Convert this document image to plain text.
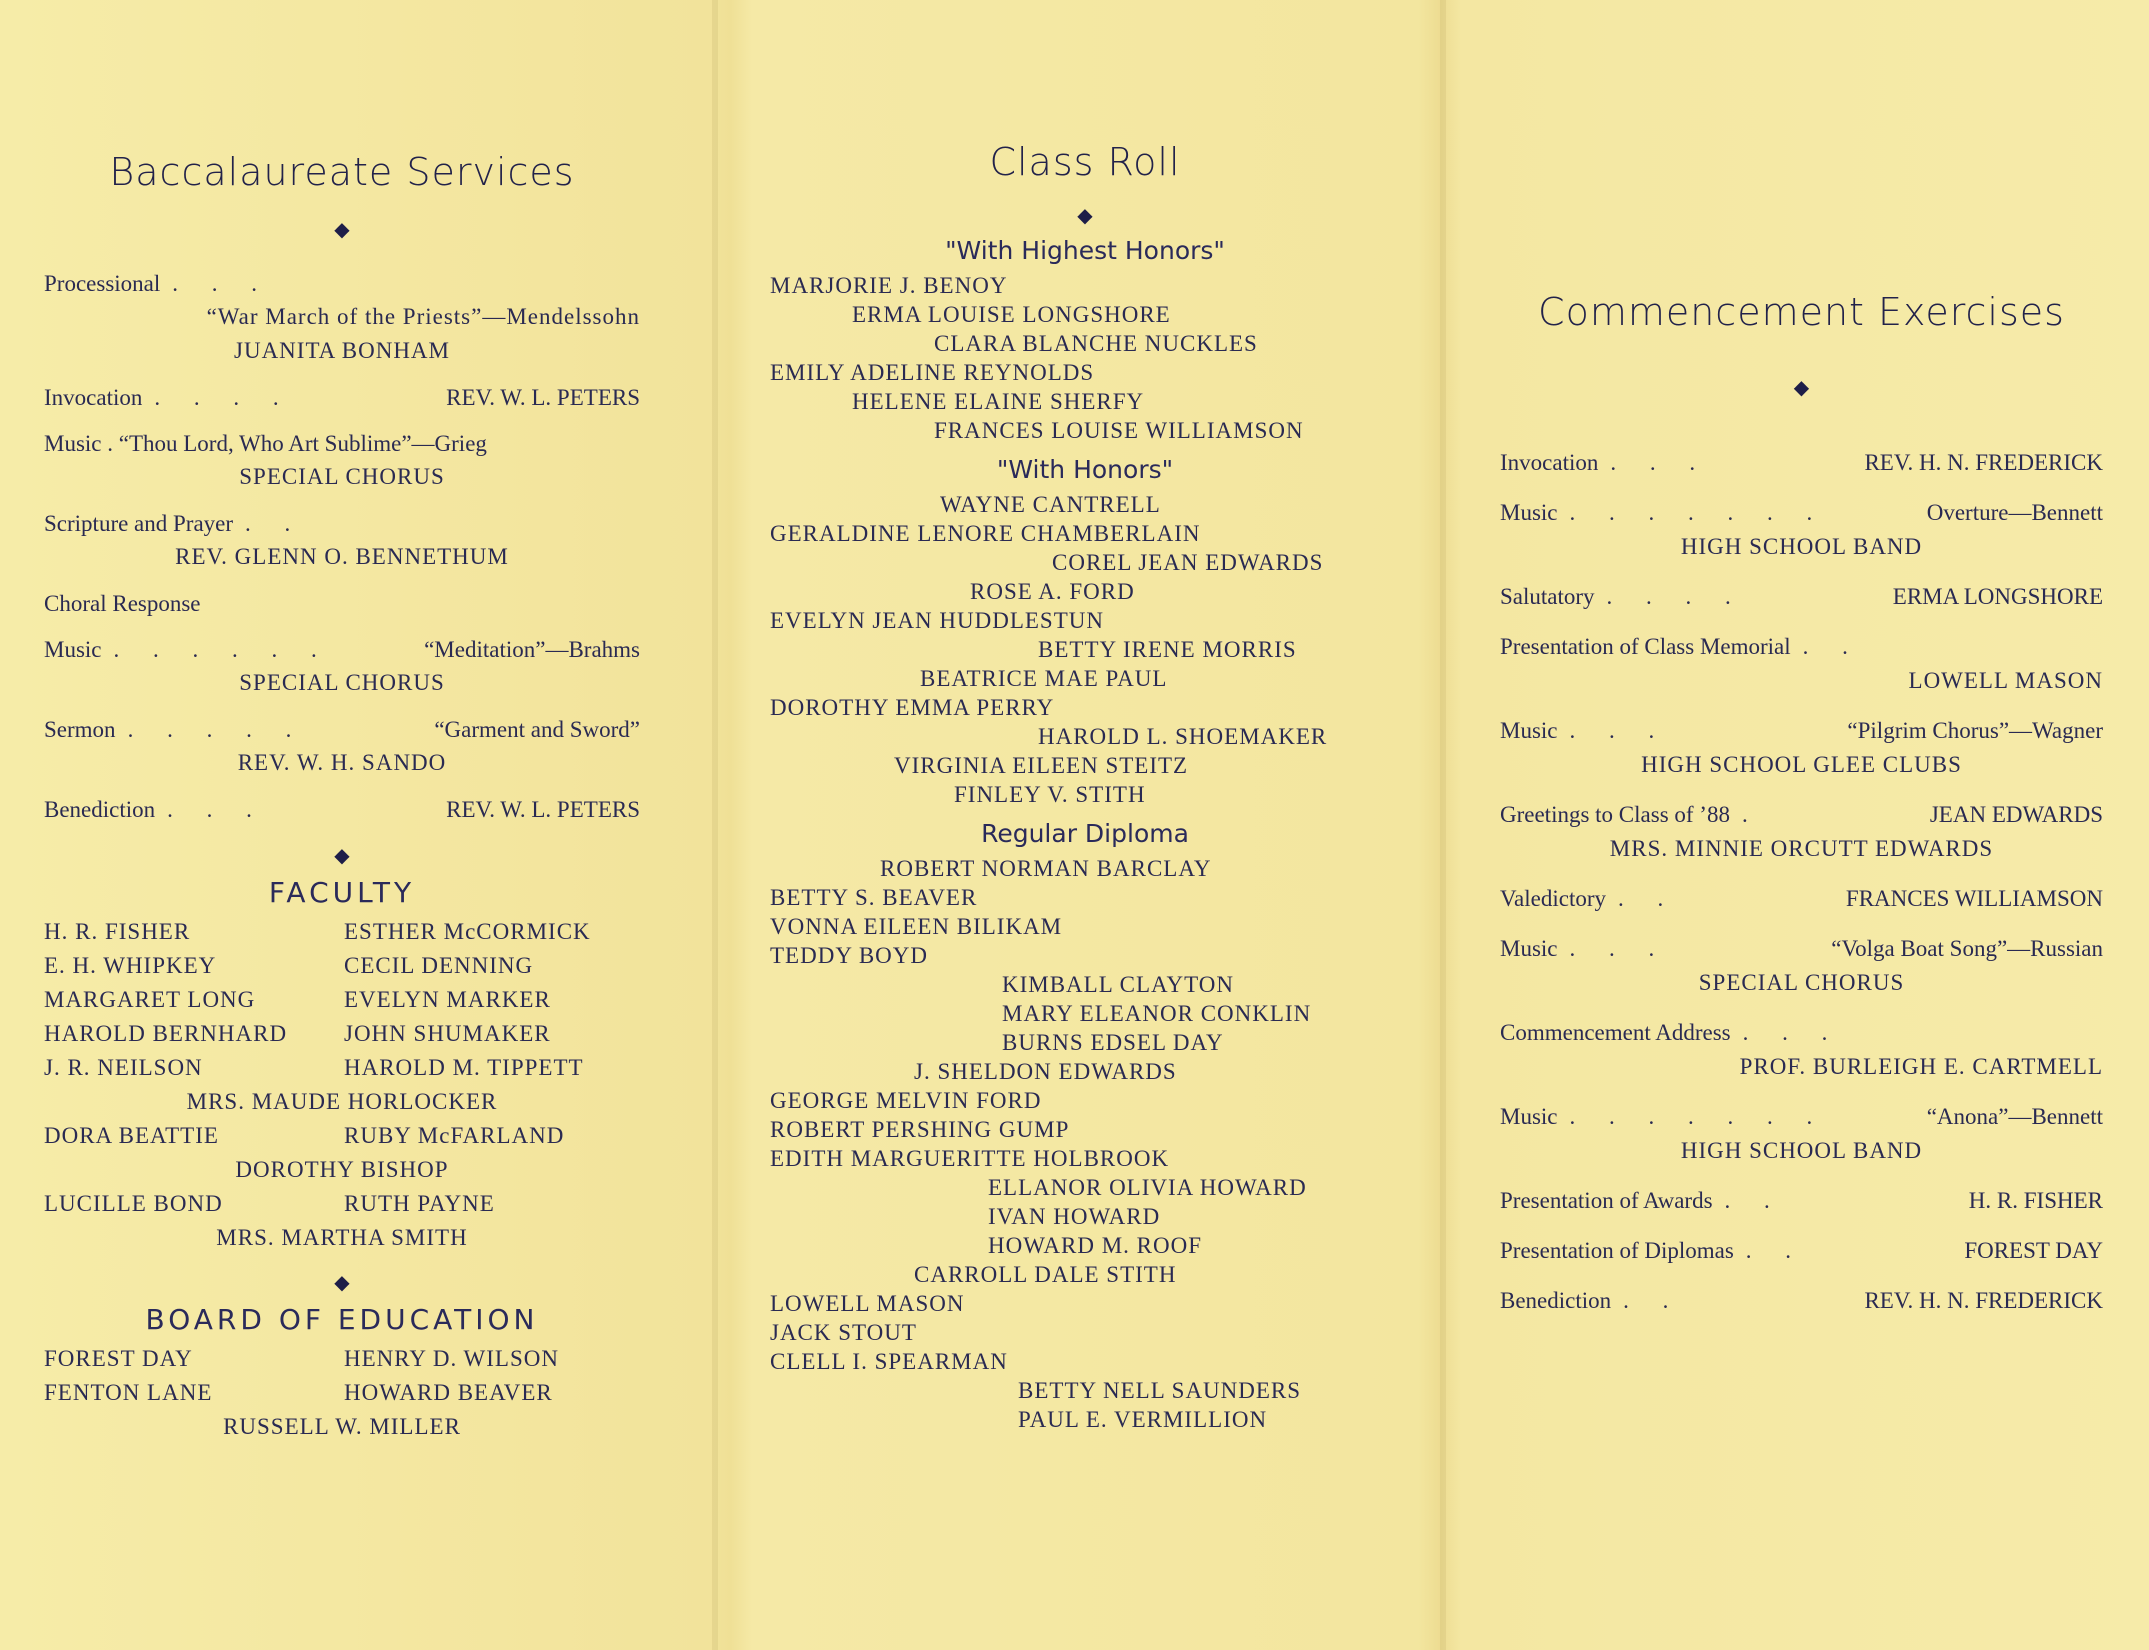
Baccalaureate Services
◆
Processional . . .
“War March of the Priests”—Mendelssohn
JUANITA BONHAM
Invocation . . . .	REV. W. L. PETERS
Music . “Thou Lord, Who Art Sublime”—Grieg
SPECIAL CHORUS
Scripture and Prayer . .
REV. GLENN O. BENNETHUM
Choral Response
Music . . . . . .	“Meditation”—Brahms
SPECIAL CHORUS
Sermon . . . . .	“Garment and Sword”
REV. W. H. SANDO
Benediction . . .	REV. W. L. PETERS
◆
FACULTY
H. R. FISHER	ESTHER McCORMICK
E. H. WHIPKEY	CECIL DENNING
MARGARET LONG	EVELYN MARKER
HAROLD BERNHARD	JOHN SHUMAKER
J. R. NEILSON	HAROLD M. TIPPETT
MRS. MAUDE HORLOCKER
DORA BEATTIE	RUBY McFARLAND
DOROTHY BISHOP
LUCILLE BOND	RUTH PAYNE
MRS. MARTHA SMITH
◆
BOARD OF EDUCATION
FOREST DAY	HENRY D. WILSON
FENTON LANE	HOWARD BEAVER
RUSSELL W. MILLER
Class Roll
◆
"With Highest Honors"
MARJORIE J. BENOY
ERMA LOUISE LONGSHORE
CLARA BLANCHE NUCKLES
EMILY ADELINE REYNOLDS
HELENE ELAINE SHERFY
FRANCES LOUISE WILLIAMSON
"With Honors"
WAYNE CANTRELL
GERALDINE LENORE CHAMBERLAIN
COREL JEAN EDWARDS
ROSE A. FORD
EVELYN JEAN HUDDLESTUN
BETTY IRENE MORRIS
BEATRICE MAE PAUL
DOROTHY EMMA PERRY
HAROLD L. SHOEMAKER
VIRGINIA EILEEN STEITZ
FINLEY V. STITH
Regular Diploma
ROBERT NORMAN BARCLAY
BETTY S. BEAVER
VONNA EILEEN BILIKAM
TEDDY BOYD
KIMBALL CLAYTON
MARY ELEANOR CONKLIN
BURNS EDSEL DAY
J. SHELDON EDWARDS
GEORGE MELVIN FORD
ROBERT PERSHING GUMP
EDITH MARGUERITTE HOLBROOK
ELLANOR OLIVIA HOWARD
IVAN HOWARD
HOWARD M. ROOF
CARROLL DALE STITH
LOWELL MASON
JACK STOUT
CLELL I. SPEARMAN
BETTY NELL SAUNDERS
PAUL E. VERMILLION
Commencement Exercises
◆
Invocation . . .	REV. H. N. FREDERICK
Music . . . . . . .	Overture—Bennett
HIGH SCHOOL BAND
Salutatory . . . .	ERMA LONGSHORE
Presentation of Class Memorial . .
LOWELL MASON
Music . . .	“Pilgrim Chorus”—Wagner
HIGH SCHOOL GLEE CLUBS
Greetings to Class of ’88 .	JEAN EDWARDS
MRS. MINNIE ORCUTT EDWARDS
Valedictory . .	FRANCES WILLIAMSON
Music . . .	“Volga Boat Song”—Russian
SPECIAL CHORUS
Commencement Address . . .
PROF. BURLEIGH E. CARTMELL
Music . . . . . . .	“Anona”—Bennett
HIGH SCHOOL BAND
Presentation of Awards . .	H. R. FISHER
Presentation of Diplomas . .	FOREST DAY
Benediction . .	REV. H. N. FREDERICK
